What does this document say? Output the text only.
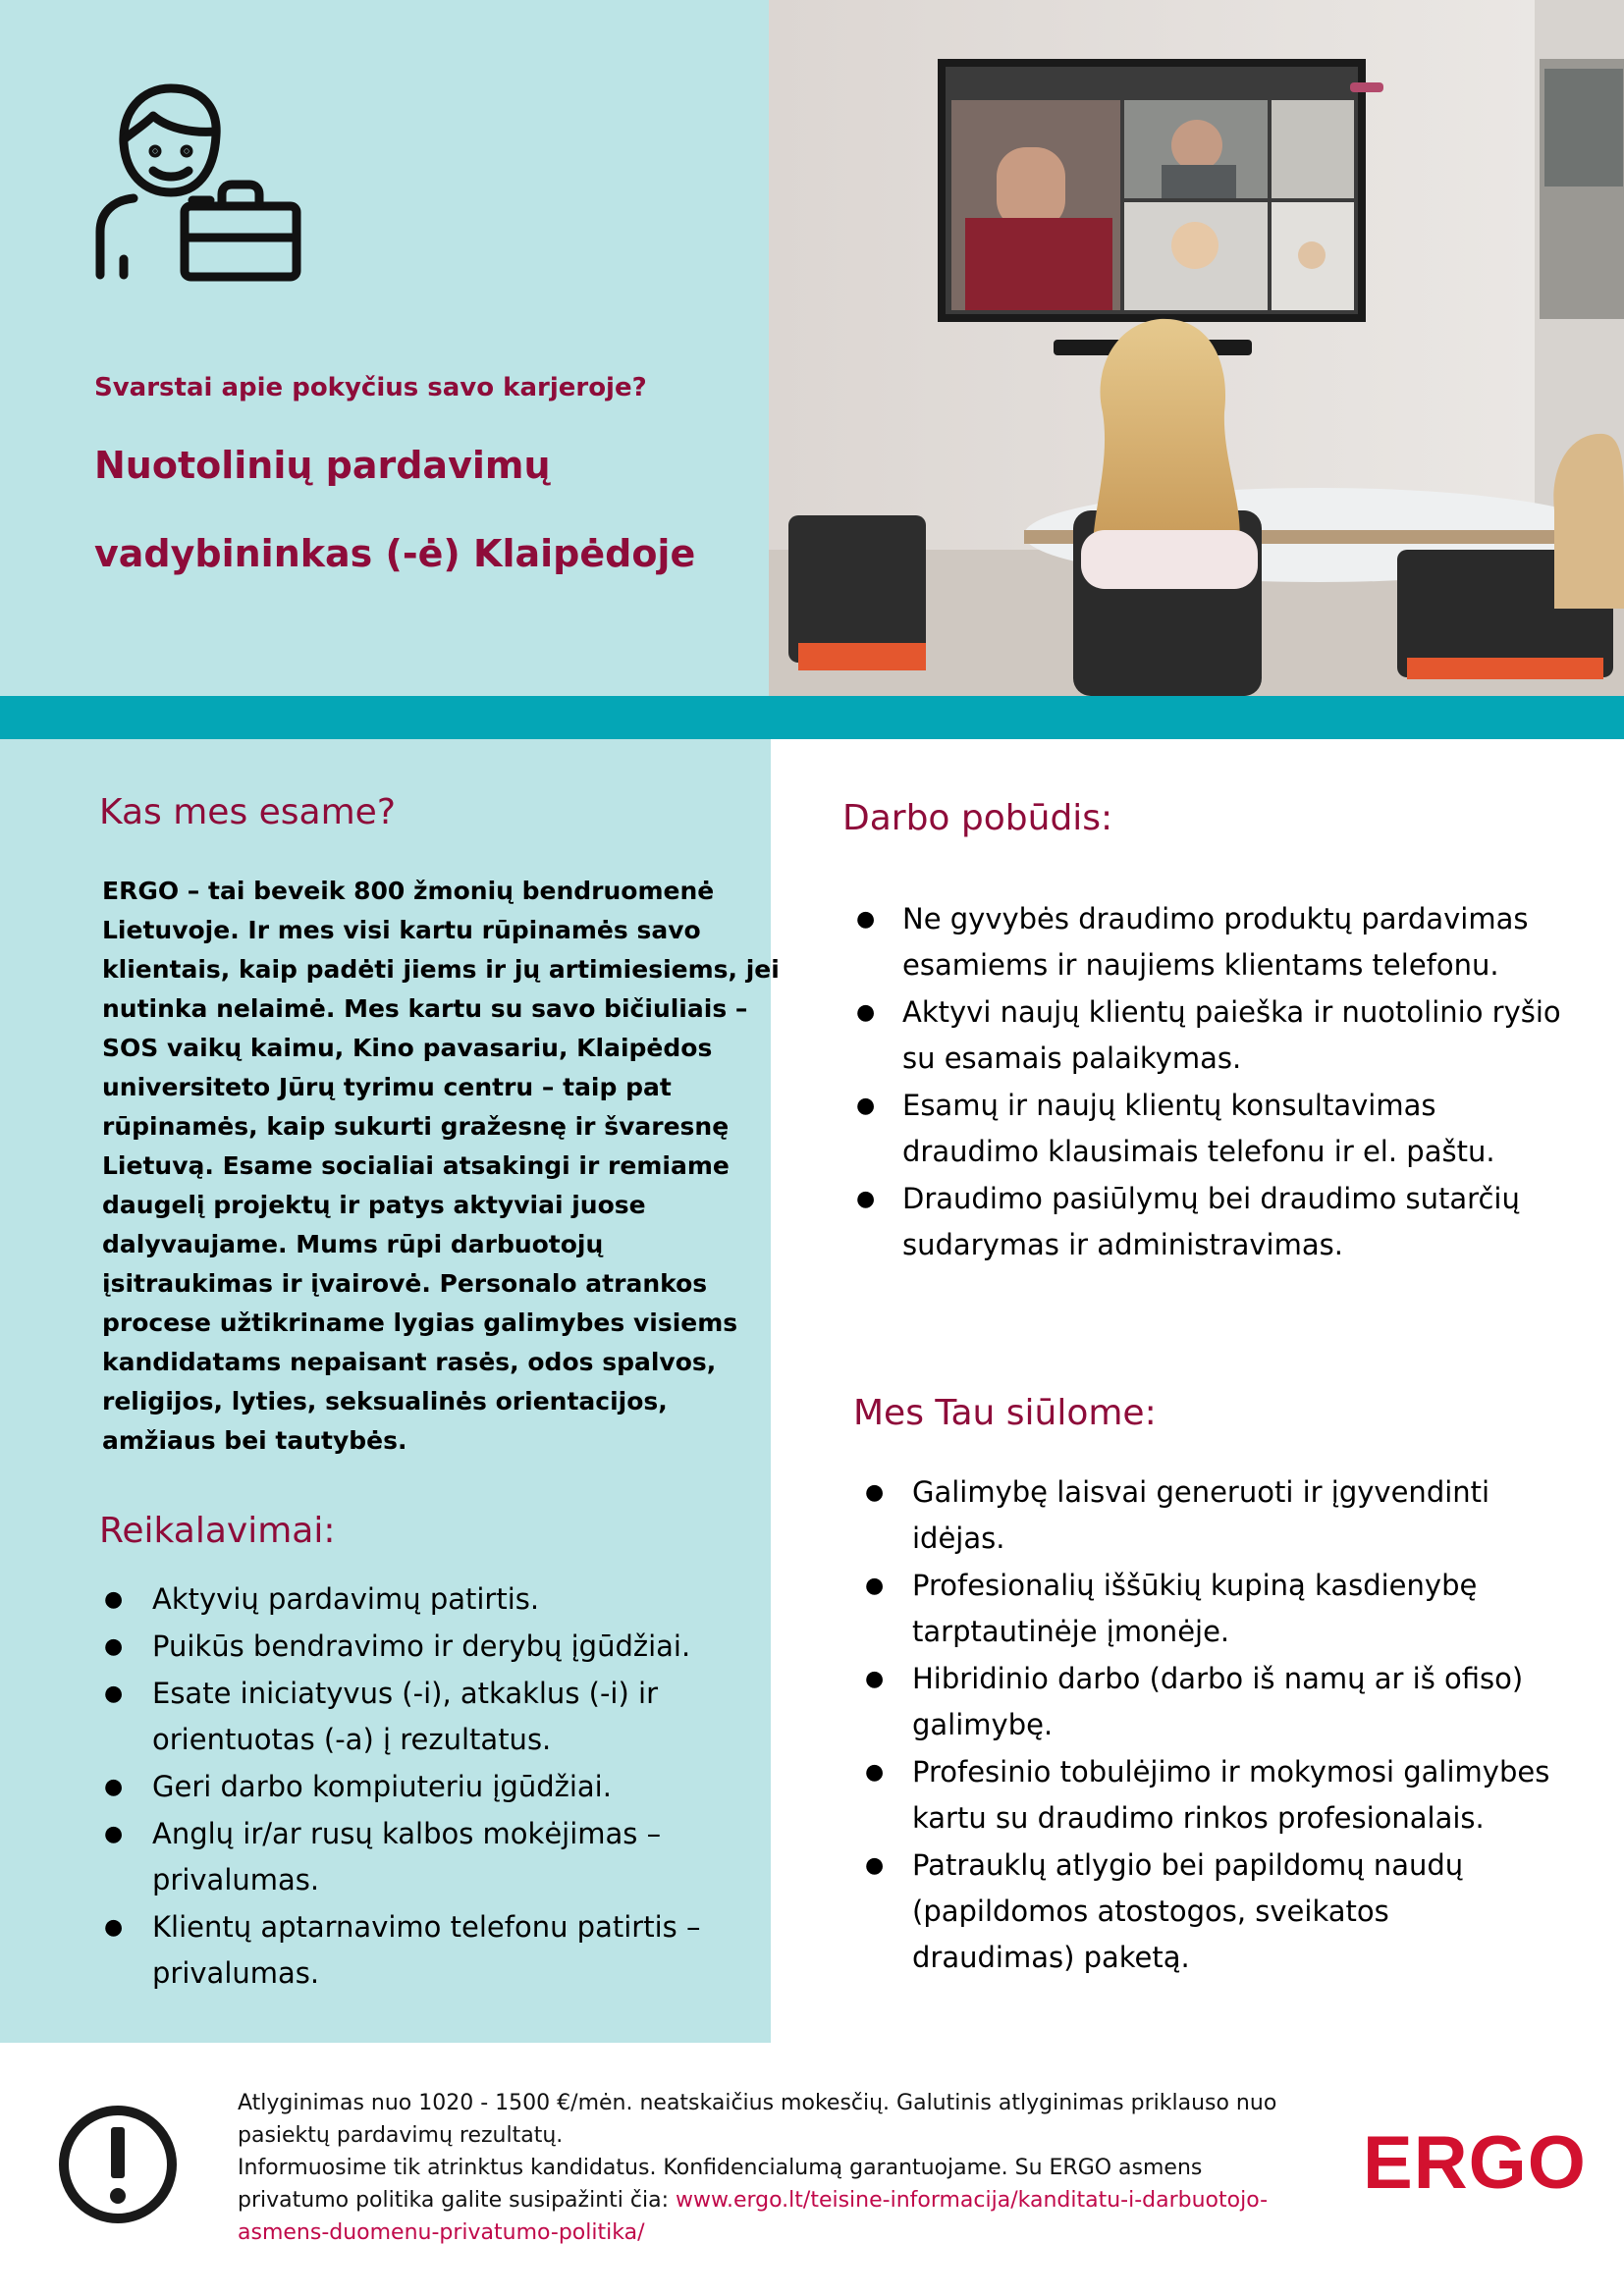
Svarstai apie pokyčius savo karjeroje?
Nuotolinių pardavimų
vadybininkas (-ė) Klaipėdoje
Kas mes esame?
ERGO – tai beveik 800 žmonių bendruomenė
Lietuvoje. Ir mes visi kartu rūpinamės savo
klientais, kaip padėti jiems ir jų artimiesiems, jei
nutinka nelaimė. Mes kartu su savo bičiuliais –
SOS vaikų kaimu, Kino pavasariu, Klaipėdos
universiteto Jūrų tyrimu centru – taip pat
rūpinamės, kaip sukurti gražesnę ir švaresnę
Lietuvą. Esame socialiai atsakingi ir remiame
daugelį projektų ir patys aktyviai juose
dalyvaujame. Mums rūpi darbuotojų
įsitraukimas ir įvairovė. Personalo atrankos
procese užtikriname lygias galimybes visiems
kandidatams nepaisant rasės, odos spalvos,
religijos, lyties, seksualinės orientacijos,
amžiaus bei tautybės.
Reikalavimai:
● Aktyvių pardavimų patirtis.
● Puikūs bendravimo ir derybų įgūdžiai.
● Esate iniciatyvus (-i), atkaklus (-i) ir
orientuotas (-a) į rezultatus.
● Geri darbo kompiuteriu įgūdžiai.
● Anglų ir/ar rusų kalbos mokėjimas –
privalumas.
● Klientų aptarnavimo telefonu patirtis –
privalumas.
Darbo pobūdis:
● Ne gyvybės draudimo produktų pardavimas
esamiems ir naujiems klientams telefonu.
● Aktyvi naujų klientų paieška ir nuotolinio ryšio
su esamais palaikymas.
● Esamų ir naujų klientų konsultavimas
draudimo klausimais telefonu ir el. paštu.
● Draudimo pasiūlymų bei draudimo sutarčių
sudarymas ir administravimas.
Mes Tau siūlome:
● Galimybę laisvai generuoti ir įgyvendinti
idėjas.
● Profesionalių iššūkių kupiną kasdienybę
tarptautinėje įmonėje.
● Hibridinio darbo (darbo iš namų ar iš ofiso)
galimybę.
● Profesinio tobulėjimo ir mokymosi galimybes
kartu su draudimo rinkos profesionalais.
● Patrauklų atlygio bei papildomų naudų
(papildomos atostogos, sveikatos
draudimas) paketą.
Atlyginimas nuo 1020 - 1500 €/mėn. neatskaičius mokesčių. Galutinis atlyginimas priklauso nuo
pasiektų pardavimų rezultatų.
Informuosime tik atrinktus kandidatus. Konfidencialumą garantuojame. Su ERGO asmens
privatumo politika galite susipažinti čia: www.ergo.lt/teisine-informacija/kanditatu-i-darbuotojo-
asmens-duomenu-privatumo-politika/
ERGO
